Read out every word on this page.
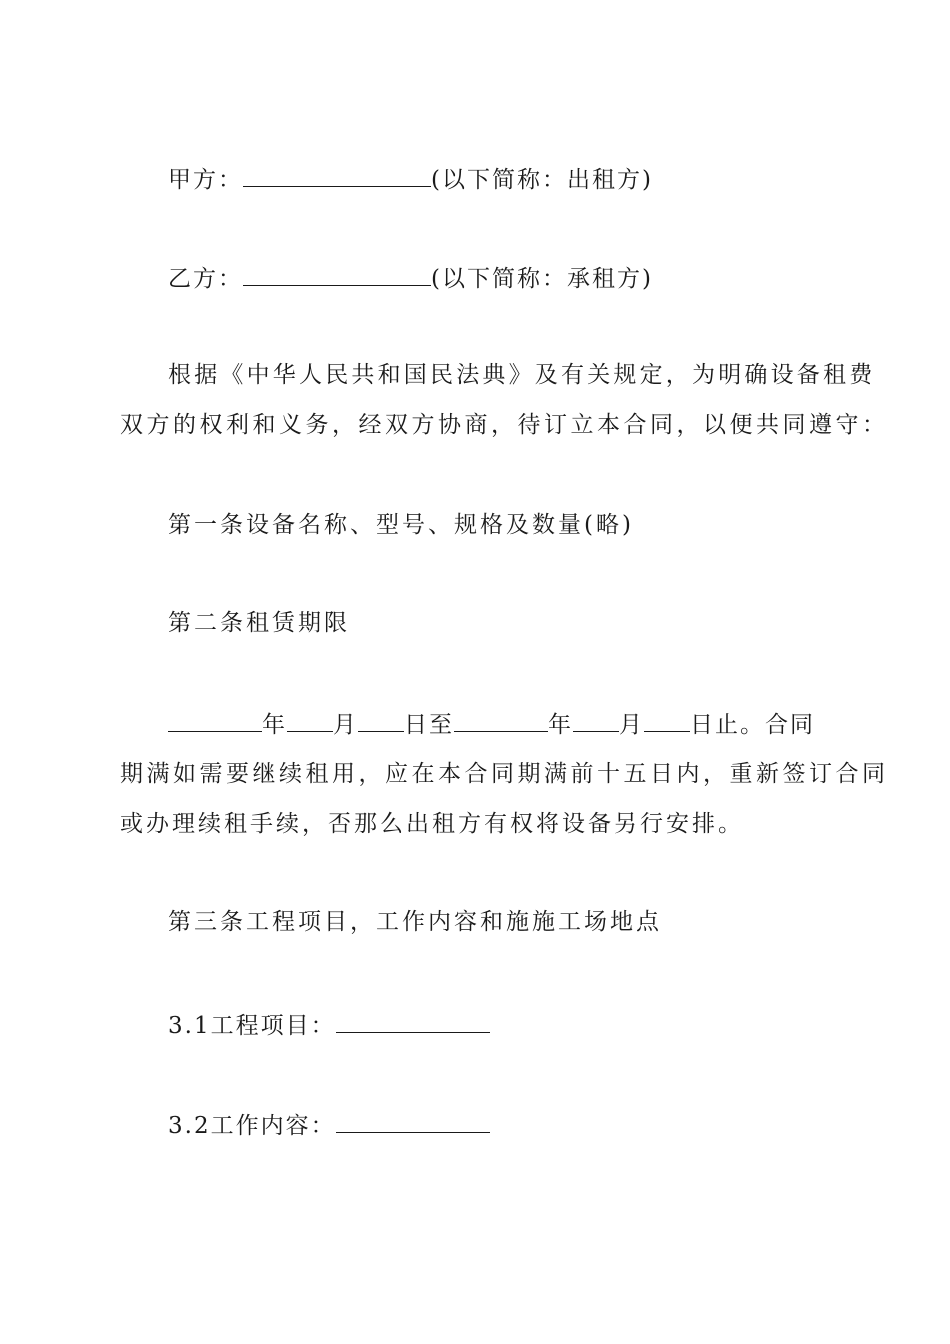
甲方：	(以下简称：出租方)
乙方：	(以下简称：承租方)
根据《中华人民共和国民法典》及有关规定，为明确设备租费
双方的权利和义务，经双方协商，待订立本合同，以便共同遵守：
第一条设备名称、型号、规格及数量(略)
第二条租赁期限
年 月 日至	年 月 日止。合同
期满如需要继续租用，应在本合同期满前十五日内，重新签订合同
或办理续租手续，否那么出租方有权将设备另行安排。
第三条工程项目，工作内容和施施工场地点
3.1工程项目：
3.2工作内容：
